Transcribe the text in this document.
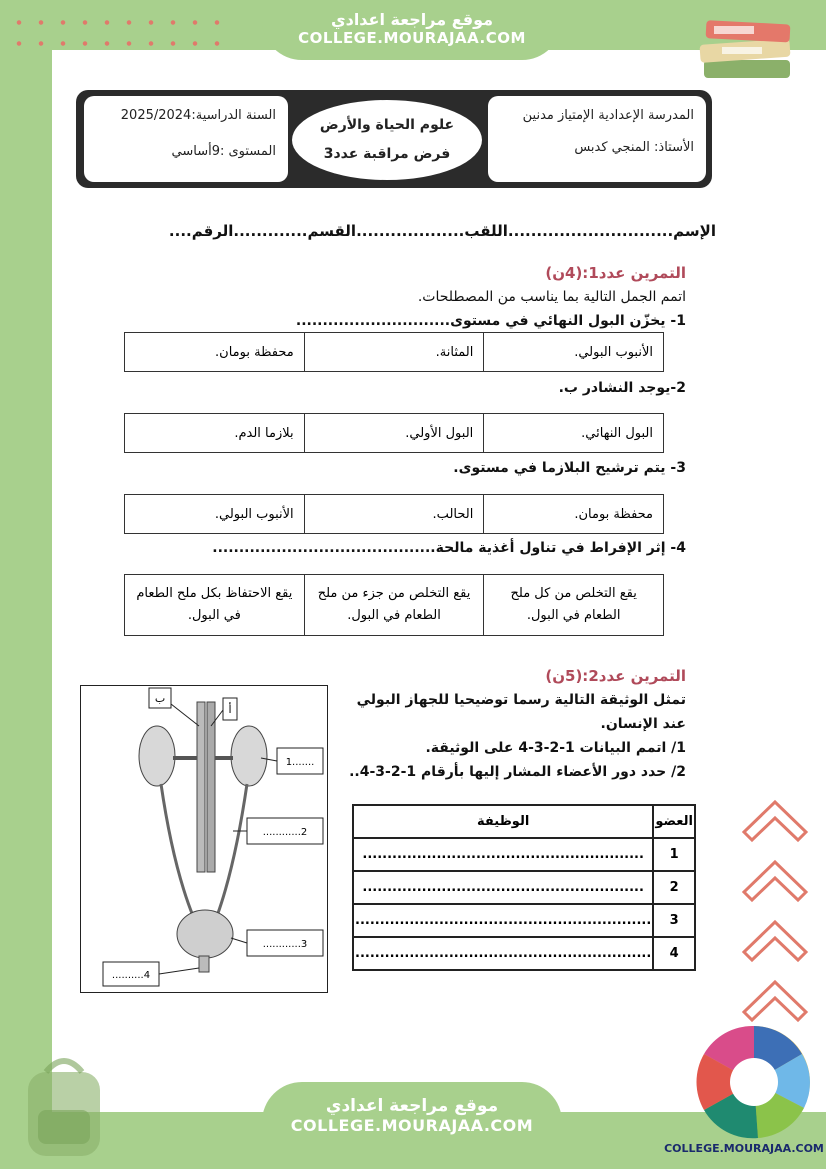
موقع مراجعة اعدادي
COLLEGE.MOURAJAA.COM
المدرسة الإعدادية الإمتياز مدنين
الأستاذ: المنجي كدبس
علوم الحياة والأرض
فرض مراقبة عدد3
السنة الدراسية:2025/2024
المستوى :9أساسي
الإسم.............................اللقب...................القسم.............الرقم....
التمرين عدد1:(4ن)
اتمم الجمل التالية بما يناسب من المصطلحات.
1- يخزّن البول النهائي في مستوى.............................
الأنبوب البولي.	المثانة.	محفظة بومان.
2-يوجد النشادر ب.
البول النهائي.	البول الأولي.	بلازما الدم.
3- يتم ترشيح البلازما في مستوى.
محفظة بومان.	الحالب.	الأنبوب البولي.
4- إثر الإفراط في تناول أغذية مالحة..........................................
يقع التخلص من كل ملح الطعام في البول.	يقع التخلص من جزء من ملح الطعام في البول.	يقع الاحتفاظ بكل ملح الطعام في البول.
التمرين عدد2:(5ن)
تمثل الوثيقة التالية رسما توضيحيا للجهاز البولي
عند الإنسان.
1/ اتمم البيانات 1-2-3-4 على الوثيقة.
2/ حدد دور الأعضاء المشار إليها بأرقام 1-2-3-4..
ب
أ
1.......
............2
............3
..........4
العضو	الوظيفة
1	.........................................................
2	.........................................................
3	............................................................
4	............................................................
موقع مراجعة اعدادي
COLLEGE.MOURAJAA.COM
COLLEGE.MOURAJAA.COM
